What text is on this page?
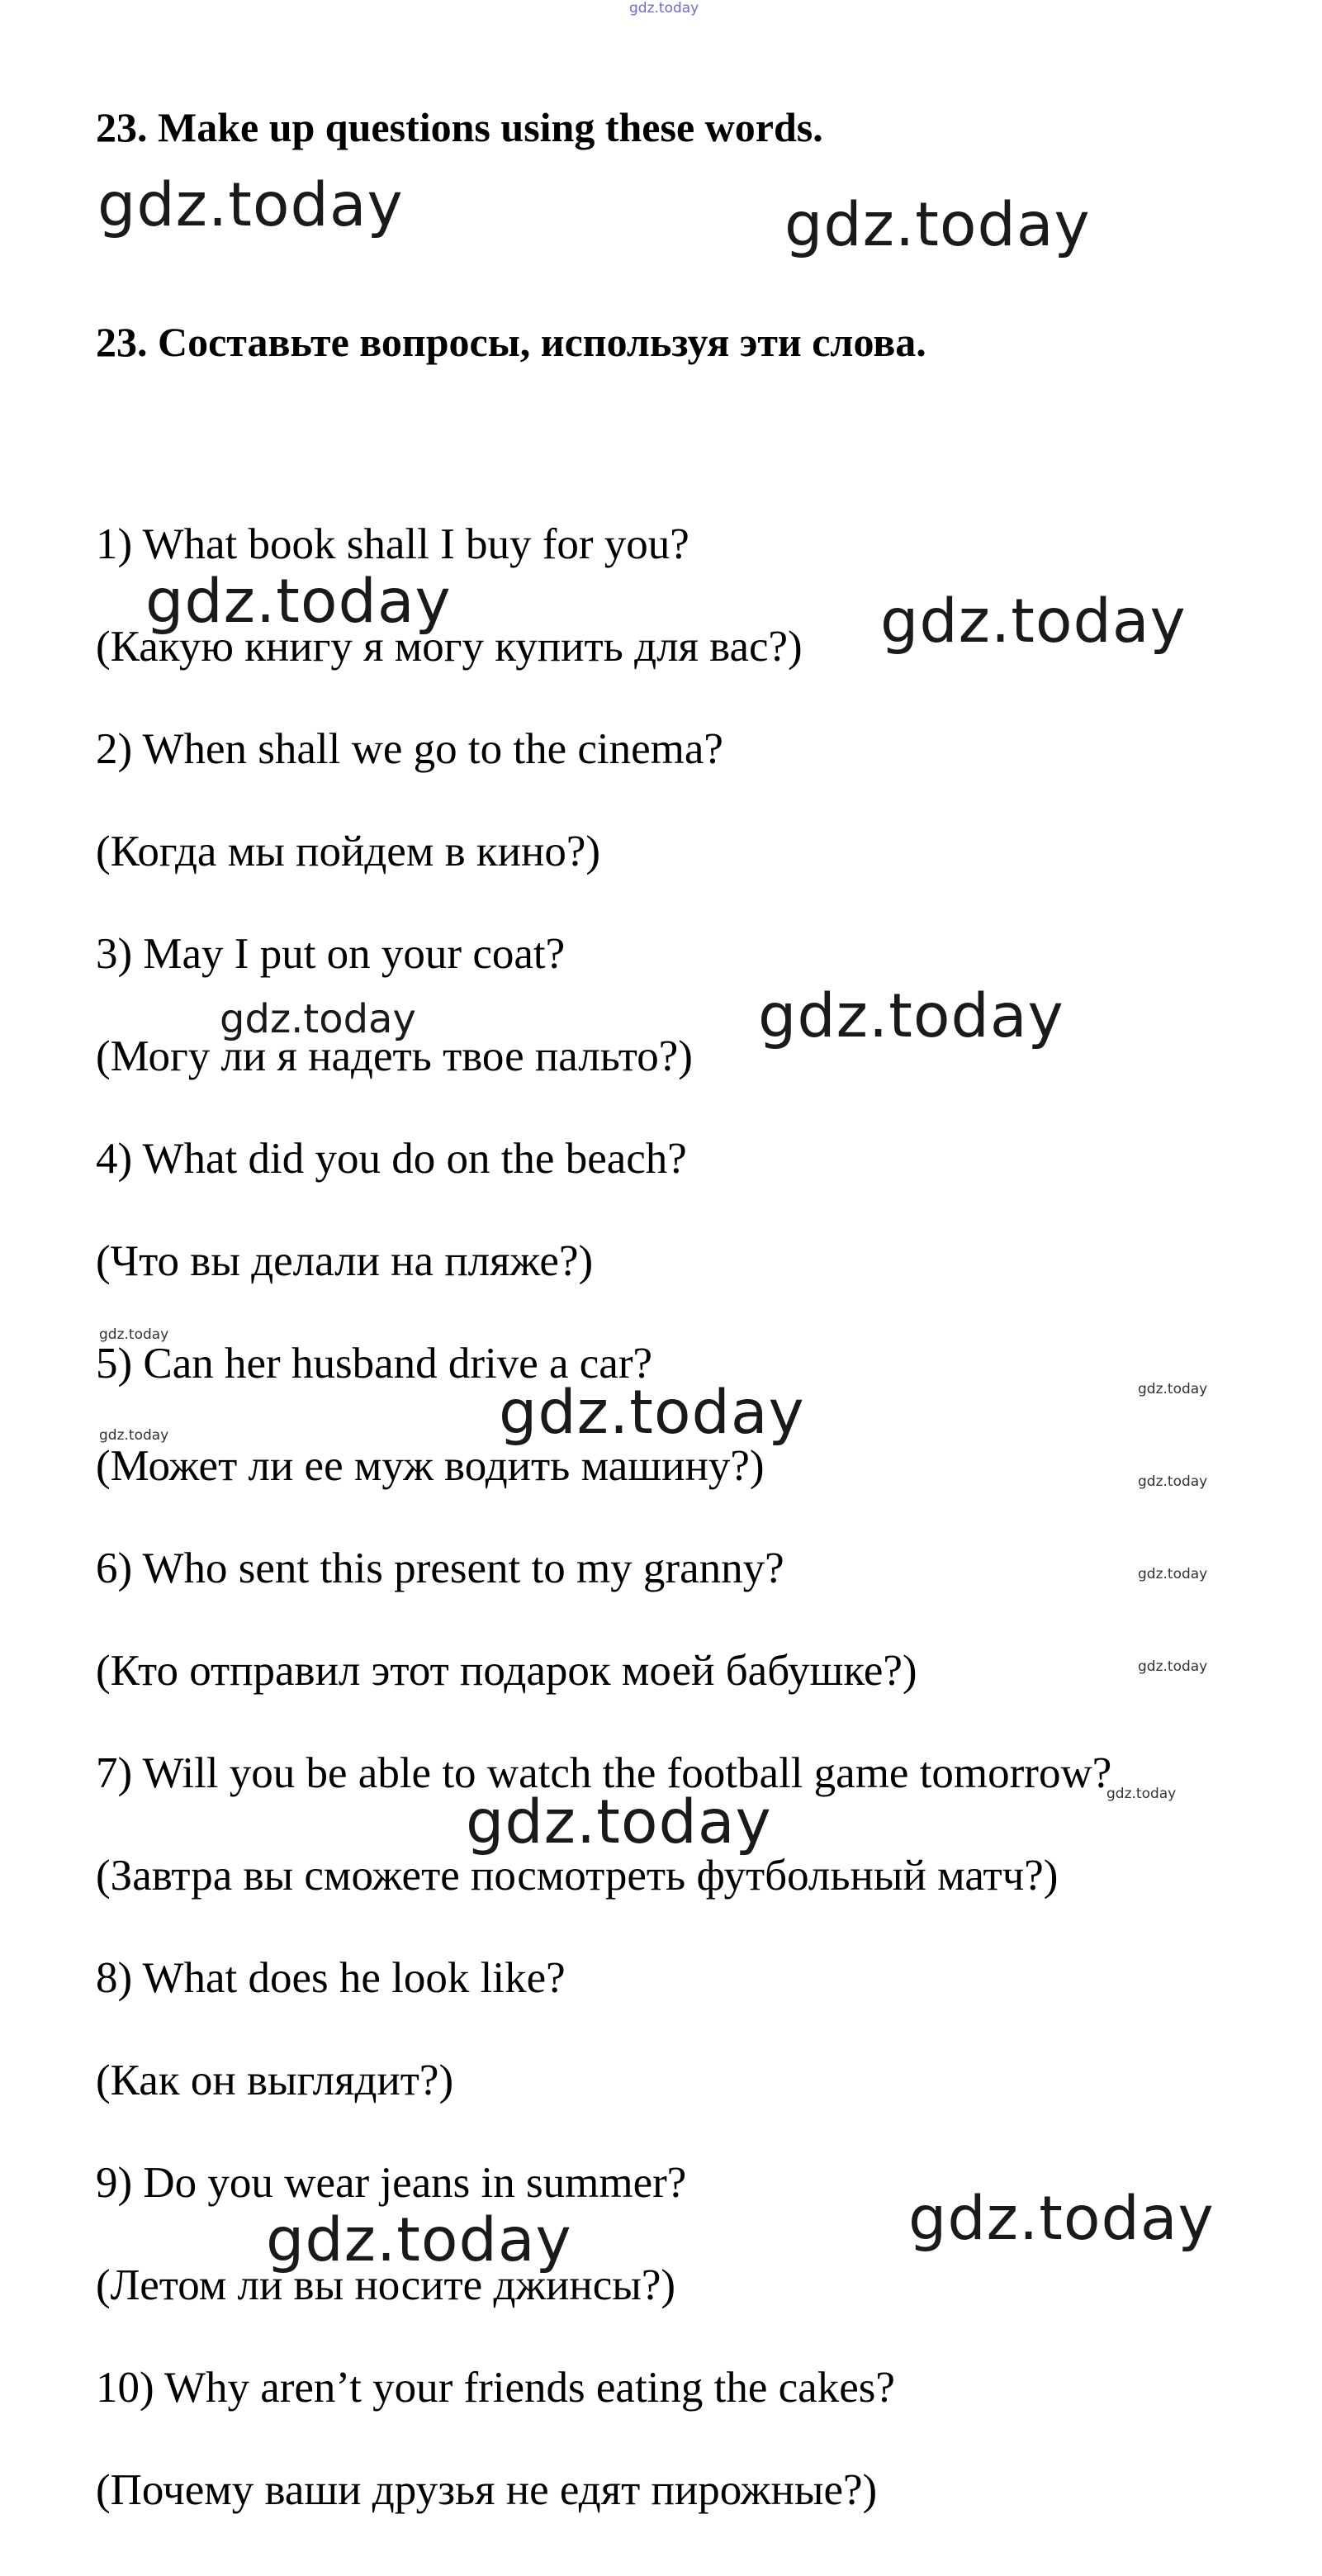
gdz.today
23. Make up questions using these words.
23. Составьте вопросы, используя эти слова.
1) What book shall I buy for you?
(Какую книгу я могу купить для вас?)
2) When shall we go to the cinema?
(Когда мы пойдем в кино?)
3) May I put on your coat?
(Могу ли я надеть твое пальто?)
4) What did you do on the beach?
(Что вы делали на пляже?)
5) Can her husband drive a car?
(Может ли ее муж водить машину?)
6) Who sent this present to my granny?
(Кто отправил этот подарок моей бабушке?)
7) Will you be able to watch the football game tomorrow?
(Завтра вы сможете посмотреть футбольный матч?)
8) What does he look like?
(Как он выглядит?)
9) Do you wear jeans in summer?
(Летом ли вы носите джинсы?)
10) Why aren’t your friends eating the cakes?
(Почему ваши друзья не едят пирожные?)
gdz.today	gdz.today
gdz.today	gdz.today
gdz.today	gdz.today
gdz.today
gdz.today
gdz.today
gdz.today
gdz.today
gdz.today
gdz.today
gdz.today
gdz.today
gdz.today
gdz.today
